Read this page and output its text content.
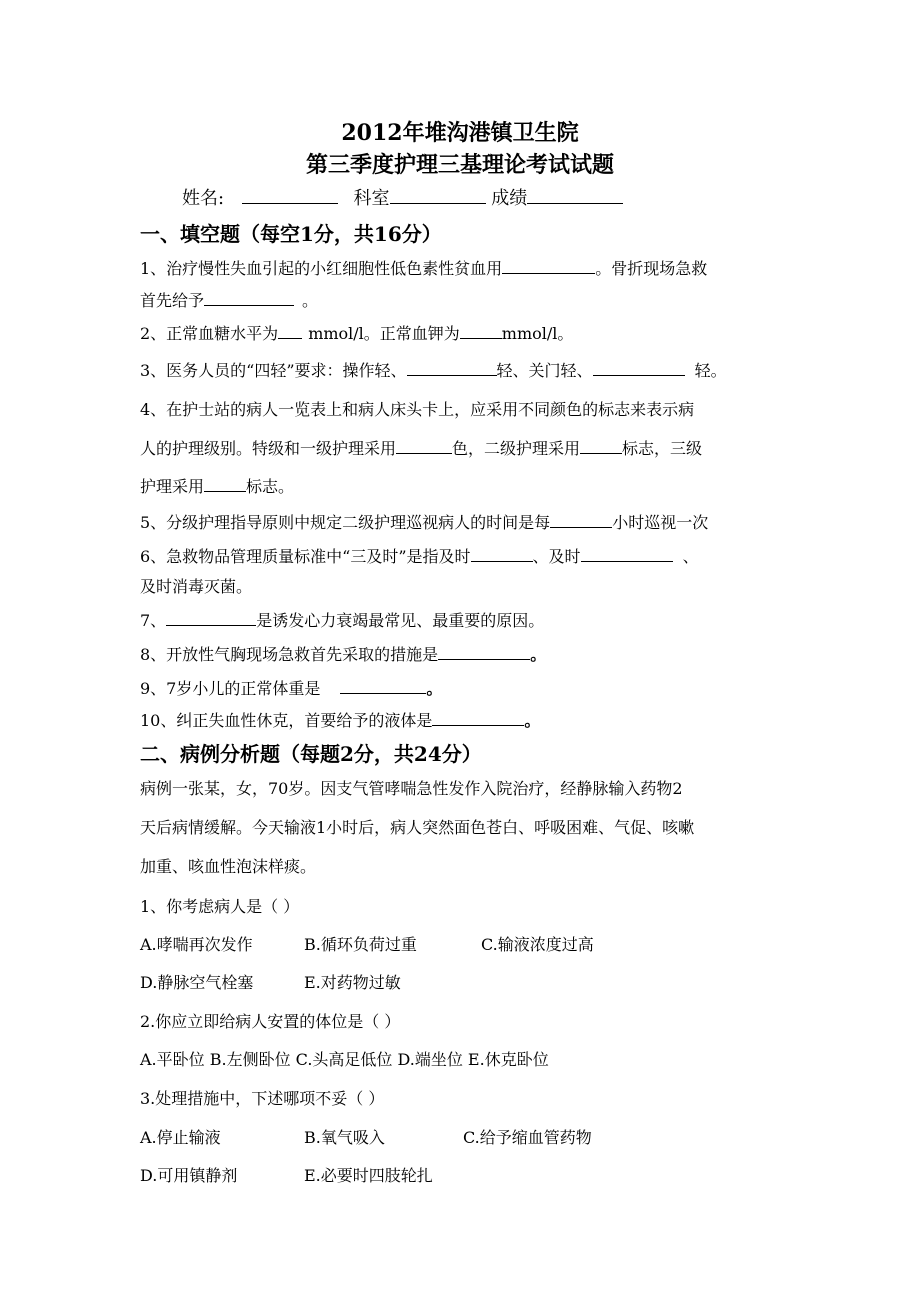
2012年堆沟港镇卫生院
第三季度护理三基理论考试试题
姓名:	科室	成绩
一、填空题（每空1分，共16分）
1、治疗慢性失血引起的小红细胞性低色素性贫血用	。骨折现场急救
首先给予	。
2、正常血糖水平为 mmol/l。正常血钾为	mmol/l。
3、医务人员的“四轻”要求：操作轻、	轻、关门轻、	轻。
4、在护士站的病人一览表上和病人床头卡上，应采用不同颜色的标志来表示病
人的护理级别。特级和一级护理采用	色，二级护理采用	标志，三级
护理采用	标志。
5、分级护理指导原则中规定二级护理巡视病人的时间是每	小时巡视一次
6、急救物品管理质量标准中“三及时”是指及时	、及时	、
及时消毒灭菌。
7、	是诱发心力衰竭最常见、最重要的原因。
8、开放性气胸现场急救首先采取的措施是	。
9、7岁小儿的正常体重是	。
10、纠正失血性休克，首要给予的液体是	。
二、病例分析题（每题2分，共24分）
病例一张某，女，70岁。因支气管哮喘急性发作入院治疗，经静脉输入药物2
天后病情缓解。今天输液1小时后，病人突然面色苍白、呼吸困难、气促、咳嗽
加重、咳血性泡沫样痰。
1、你考虑病人是（ ）
A.哮喘再次发作	B.循环负荷过重	C.输液浓度过高
D.静脉空气栓塞	E.对药物过敏
2.你应立即给病人安置的体位是（ ）
A.平卧位 B.左侧卧位 C.头高足低位 D.端坐位 E.休克卧位
3.处理措施中，下述哪项不妥（ ）
A.停止输液	B.氧气吸入	C.给予缩血管药物
D.可用镇静剂	E.必要时四肢轮扎
